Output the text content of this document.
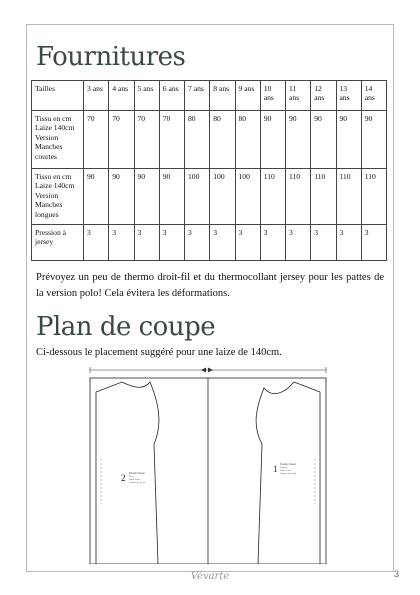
Fournitures
Tailles	3 ans	4 ans	5 ans	6 ans	7 ans	8 ans	9 ans	10 ans	11 ans	12 ans	13 ans	14 ans
Tissu en cm Laize 140cm Version Manches courtes	70	70	70	70	80	80	80	90	90	90	90	90
Tissu en cm Laize 140cm Version Manches longues	90	90	90	90	100	100	100	110	110	110	110	110
Pression à jersey	3	3	3	3	3	3	3	3	3	3	3	3

Prévoyez un peu de thermo droit-fil et du thermocollant jersey pour les pattes de la version polo! Cela évitera les déformations.

Plan de coupe

Ci-dessous le placement suggéré pour une laize de 140cm.

2 Doudou Sweat
Dos
Taille 3 ans
Couper 1x au pli
1 Doudou Sweat
Devant
Taille 3 ans
Couper 1x au pli
Vévarte	3
